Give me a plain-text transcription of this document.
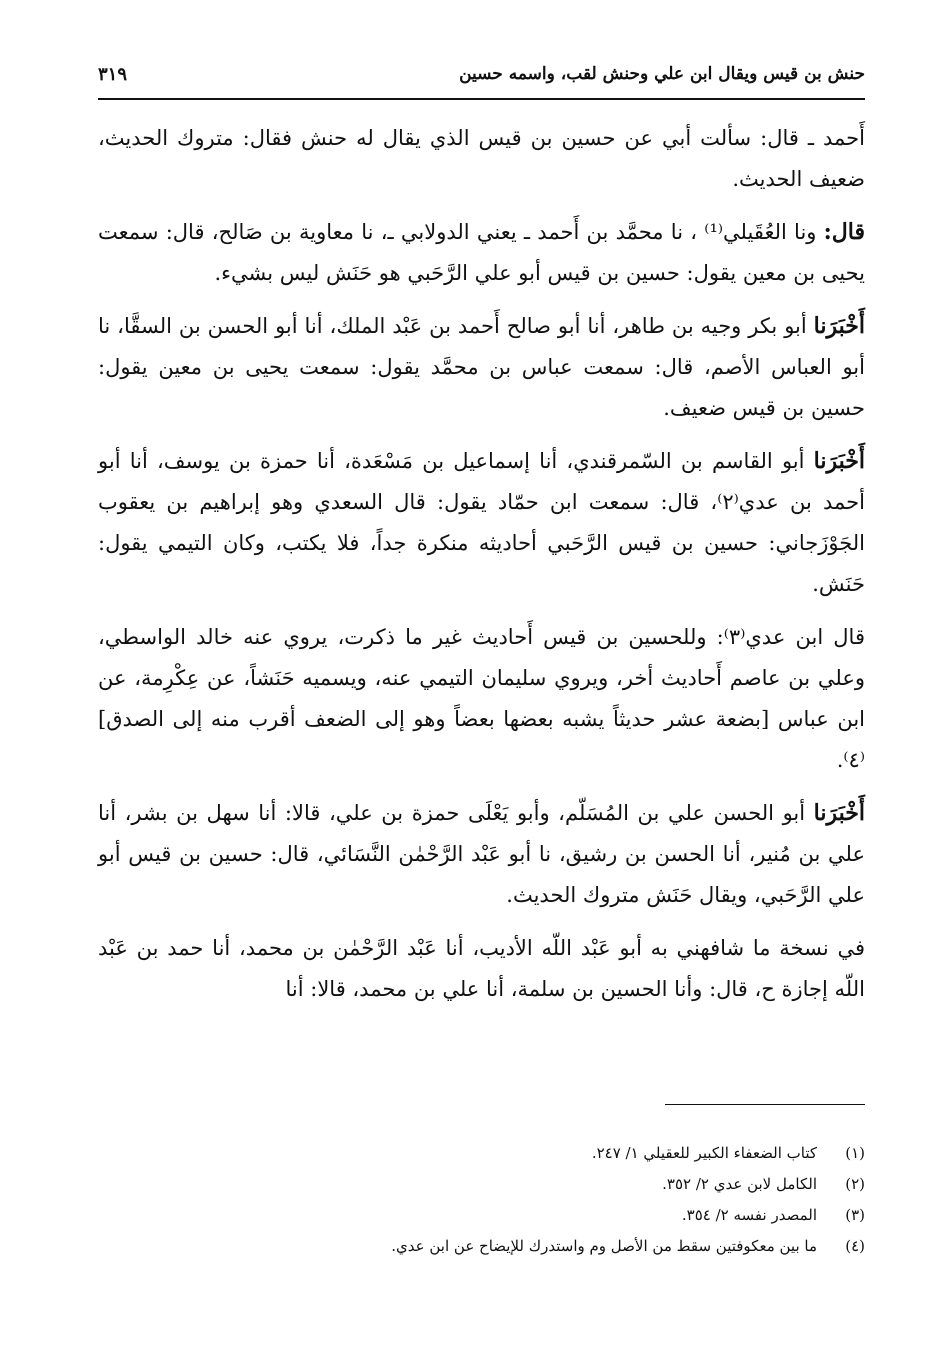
حنش بن قيس ويقال ابن علي وحنش لقب، واسمه حسين
٣١٩

أَحمد ـ قال: سألت أبي عن حسين بن قيس الذي يقال له حنش فقال: متروك الحديث، ضعيف الحديث.

قال: ونا العُقَيلي⁽¹⁾ ، نا محمَّد بن أَحمد ـ يعني الدولابي ـ، نا معاوية بن صَالح، قال: سمعت يحيى بن معين يقول: حسين بن قيس أبو علي الرَّحَبي هو حَنَش ليس بشيء.

أَخْبَرَنا أبو بكر وجيه بن طاهر، أنا أبو صالح أَحمد بن عَبْد الملك، أنا أبو الحسن بن السقَّا، نا أبو العباس الأصم، قال: سمعت عباس بن محمَّد يقول: سمعت يحيى بن معين يقول: حسين بن قيس ضعيف.

أَخْبَرَنا أبو القاسم بن السّمرقندي، أنا إسماعيل بن مَسْعَدة، أنا حمزة بن يوسف، أنا أبو أحمد بن عدي⁽٢⁾، قال: سمعت ابن حمّاد يقول: قال السعدي وهو إبراهيم بن يعقوب الجَوْزَجاني: حسين بن قيس الرَّحَبي أحاديثه منكرة جداً، فلا يكتب، وكان التيمي يقول: حَنَش.

قال ابن عدي⁽٣⁾: وللحسين بن قيس أَحاديث غير ما ذكرت، يروي عنه خالد الواسطي، وعلي بن عاصم أَحاديث أخر، ويروي سليمان التيمي عنه، ويسميه حَنَشاً، عن عِكْرِمة، عن ابن عباس [بضعة عشر حديثاً يشبه بعضها بعضاً وهو إلى الضعف أقرب منه إلى الصدق]⁽٤⁾.

أَخْبَرَنا أبو الحسن علي بن المُسَلّم، وأبو يَعْلَى حمزة بن علي، قالا: أنا سهل بن بشر، أنا علي بن مُنير، أنا الحسن بن رشيق، نا أبو عَبْد الرَّحْمٰن النَّسَائي، قال: حسين بن قيس أبو علي الرَّحَبي، ويقال حَنَش متروك الحديث.

في نسخة ما شافهني به أبو عَبْد اللّه الأديب، أنا عَبْد الرَّحْمٰن بن محمد، أنا حمد بن عَبْد اللّه إجازة ح، قال: وأنا الحسين بن سلمة، أنا علي بن محمد، قالا: أنا

(١)كتاب الضعفاء الكبير للعقيلي ١/ ٢٤٧.
(٢)الكامل لابن عدي ٢/ ٣٥٢.
(٣)المصدر نفسه ٢/ ٣٥٤.
(٤)ما بين معكوفتين سقط من الأصل وم واستدرك للإيضاح عن ابن عدي.
